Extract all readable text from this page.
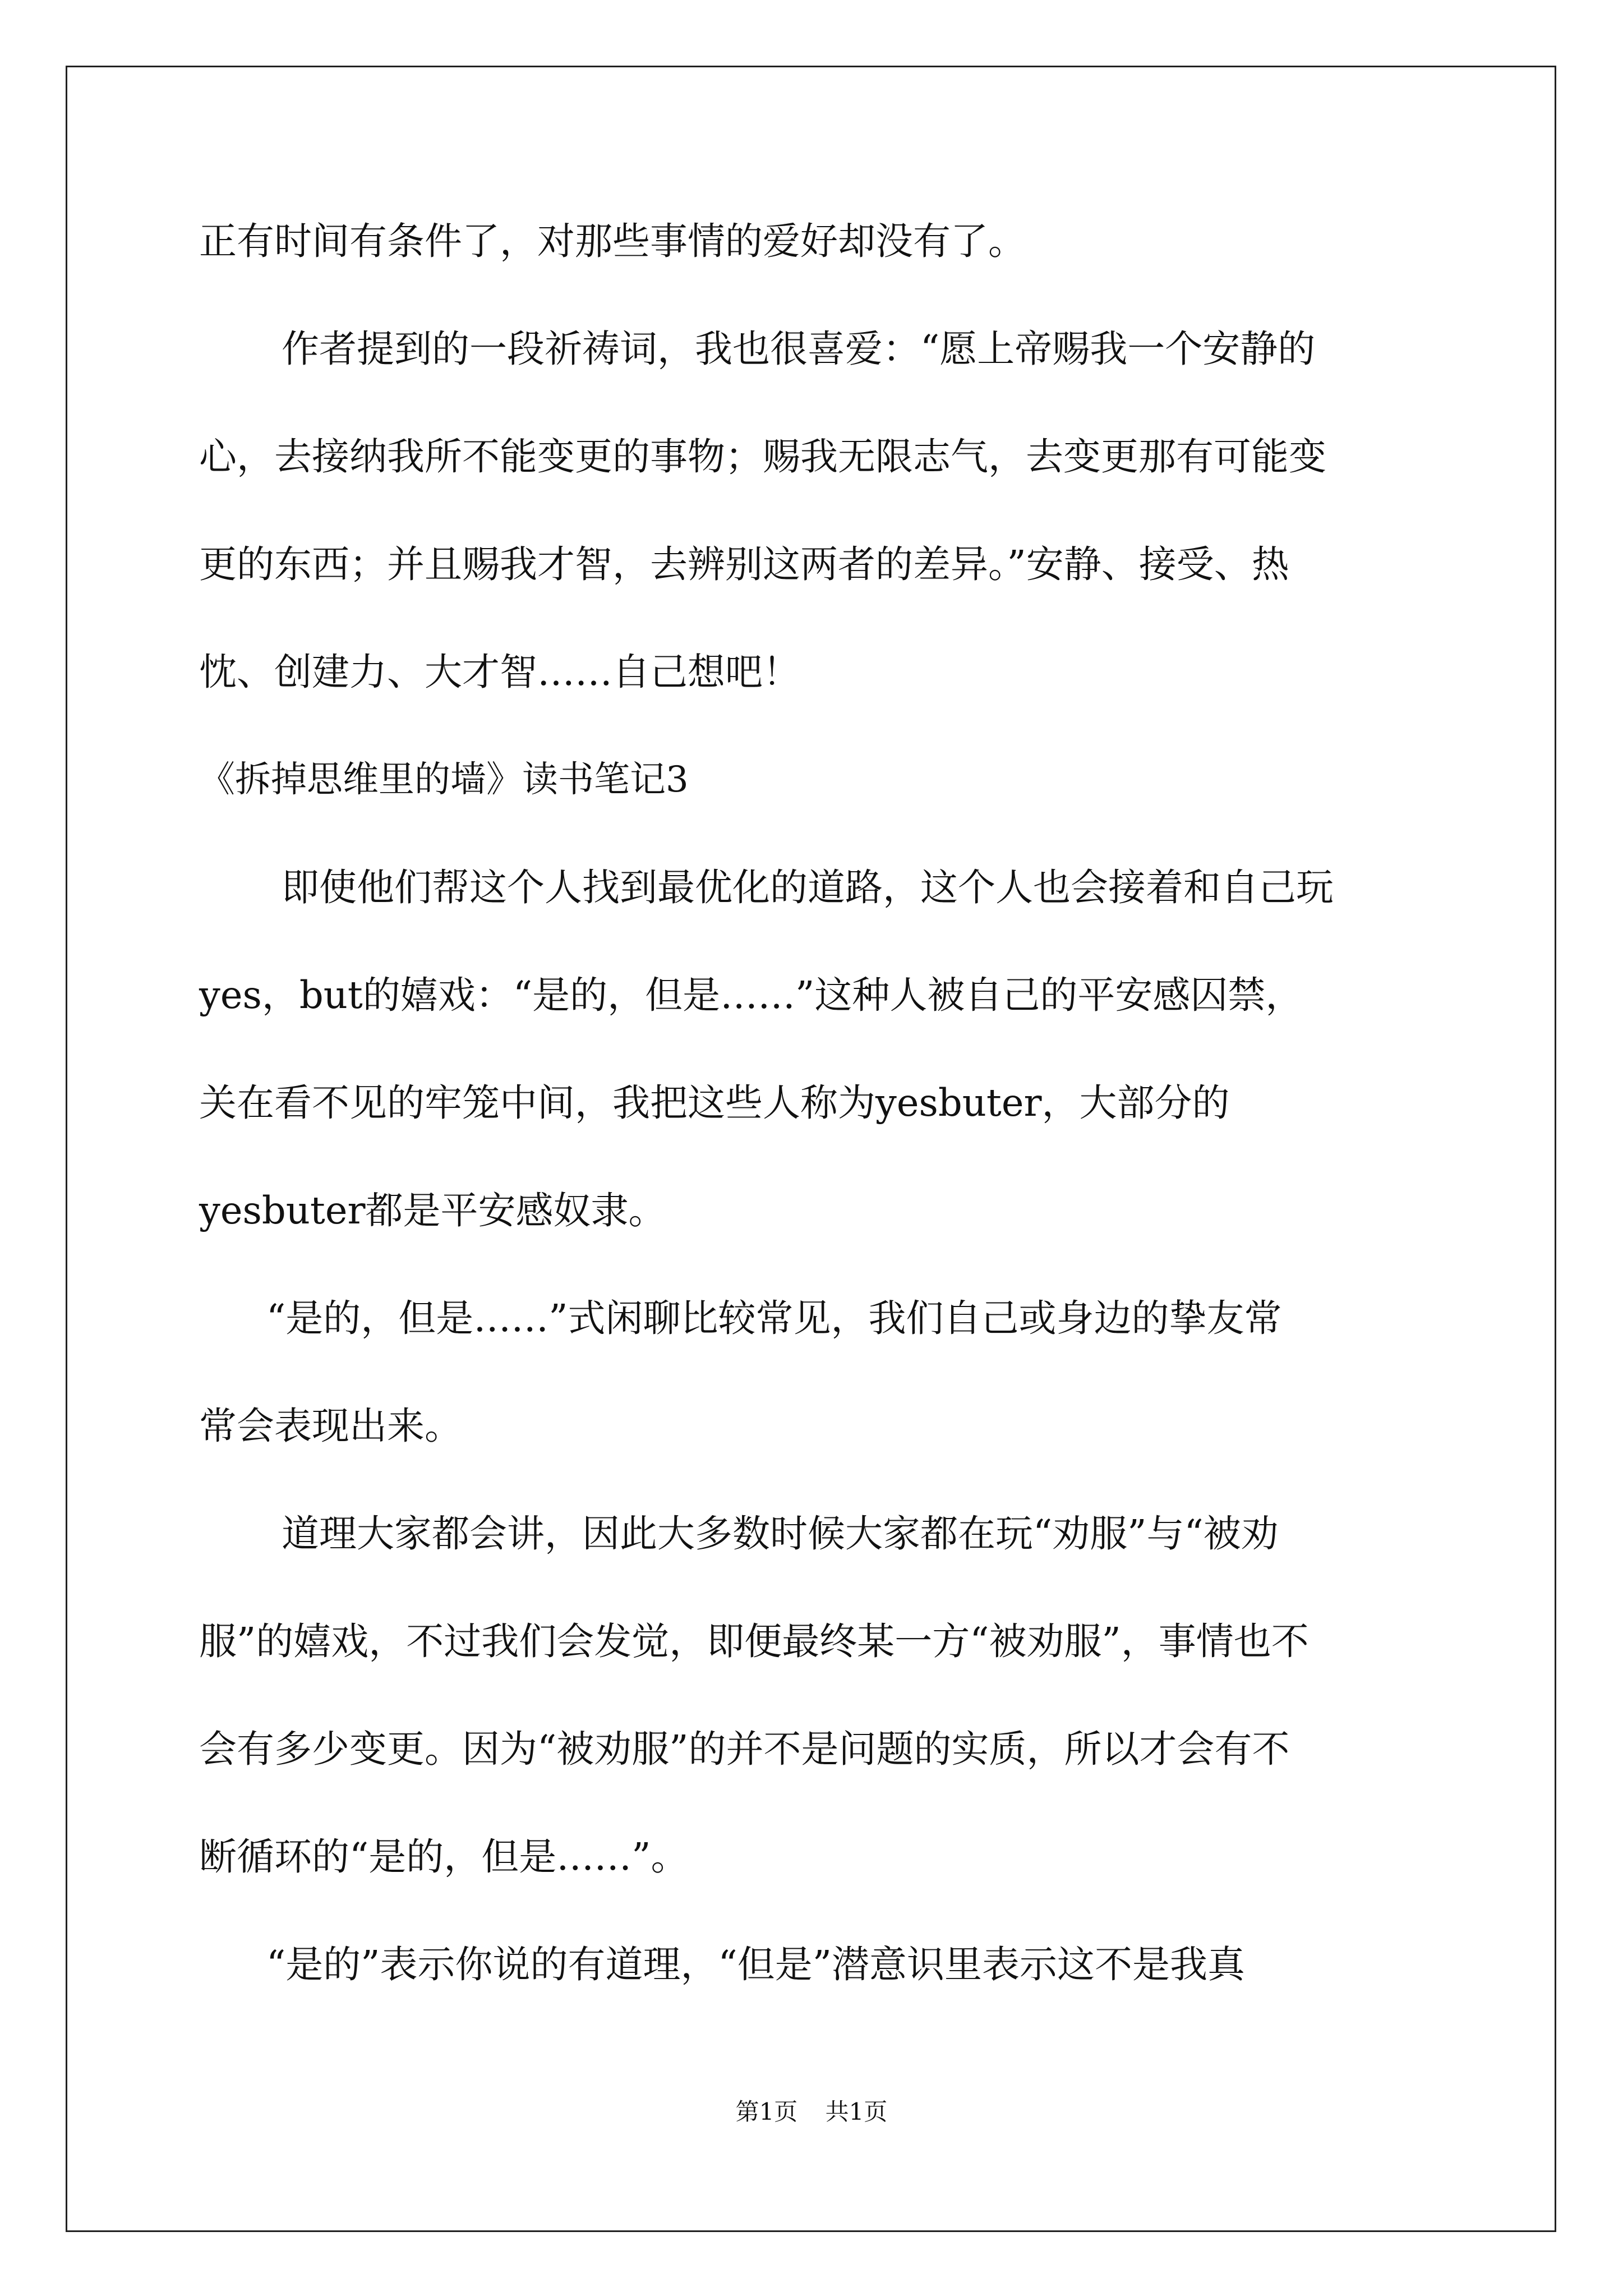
正有时间有条件了，对那些事情的爱好却没有了。

作者提到的一段祈祷词，我也很喜爱：“愿上帝赐我一个安静的

心，去接纳我所不能变更的事物；赐我无限志气，去变更那有可能变

更的东西；并且赐我才智，去辨别这两者的差异。”安静、接受、热

忱、创建力、大才智……自己想吧！

《拆掉思维里的墙》读书笔记3

即使他们帮这个人找到最优化的道路，这个人也会接着和自己玩

yes，but的嬉戏：“是的，但是……”这种人被自己的平安感囚禁，

关在看不见的牢笼中间，我把这些人称为yesbuter，大部分的

yesbuter都是平安感奴隶。

“是的，但是……”式闲聊比较常见，我们自己或身边的挚友常

常会表现出来。

道理大家都会讲，因此大多数时候大家都在玩“劝服”与“被劝

服”的嬉戏，不过我们会发觉，即便最终某一方“被劝服”，事情也不

会有多少变更。因为“被劝服”的并不是问题的实质，所以才会有不

断循环的“是的，但是……”。

“是的”表示你说的有道理，“但是”潜意识里表示这不是我真

第1页 共1页
